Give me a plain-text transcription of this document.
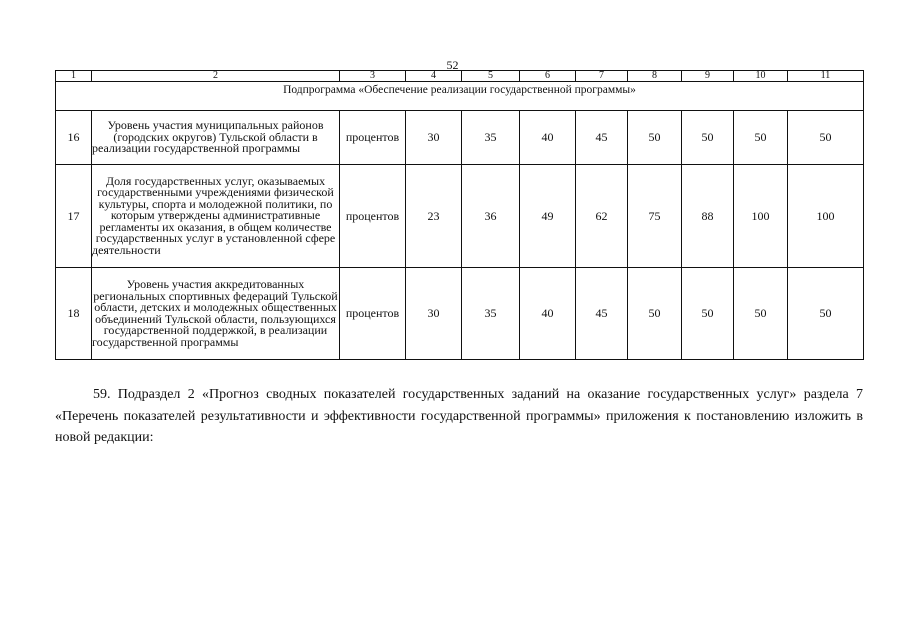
52
1	2	3	4	5	6	7	8	9	10	11
Подпрограмма «Обеспечение реализации государственной программы»										
16	Уровень участия муниципальных районов (городских округов) Тульской области в реализации государственной программы	процентов	30	35	40	45	50	50	50	50
17	Доля государственных услуг, оказываемых государственными учреждениями физической культуры, спорта и молодежной политики, по которым утверждены административные регламенты их оказания, в общем количестве государственных услуг в установленной сфере деятельности	процентов	23	36	49	62	75	88	100	100
18	Уровень участия аккредитованных региональных спортивных федераций Тульской области, детских и молодежных общественных объединений Тульской области, пользующихся государственной поддержкой, в реализации государственной программы	процентов	30	35	40	45	50	50	50	50
59. Подраздел 2 «Прогноз сводных показателей государственных заданий на оказание государственных услуг» раздела 7 «Перечень показателей результативности и эффективности государственной программы» приложения к постановлению изложить в новой редакции:
